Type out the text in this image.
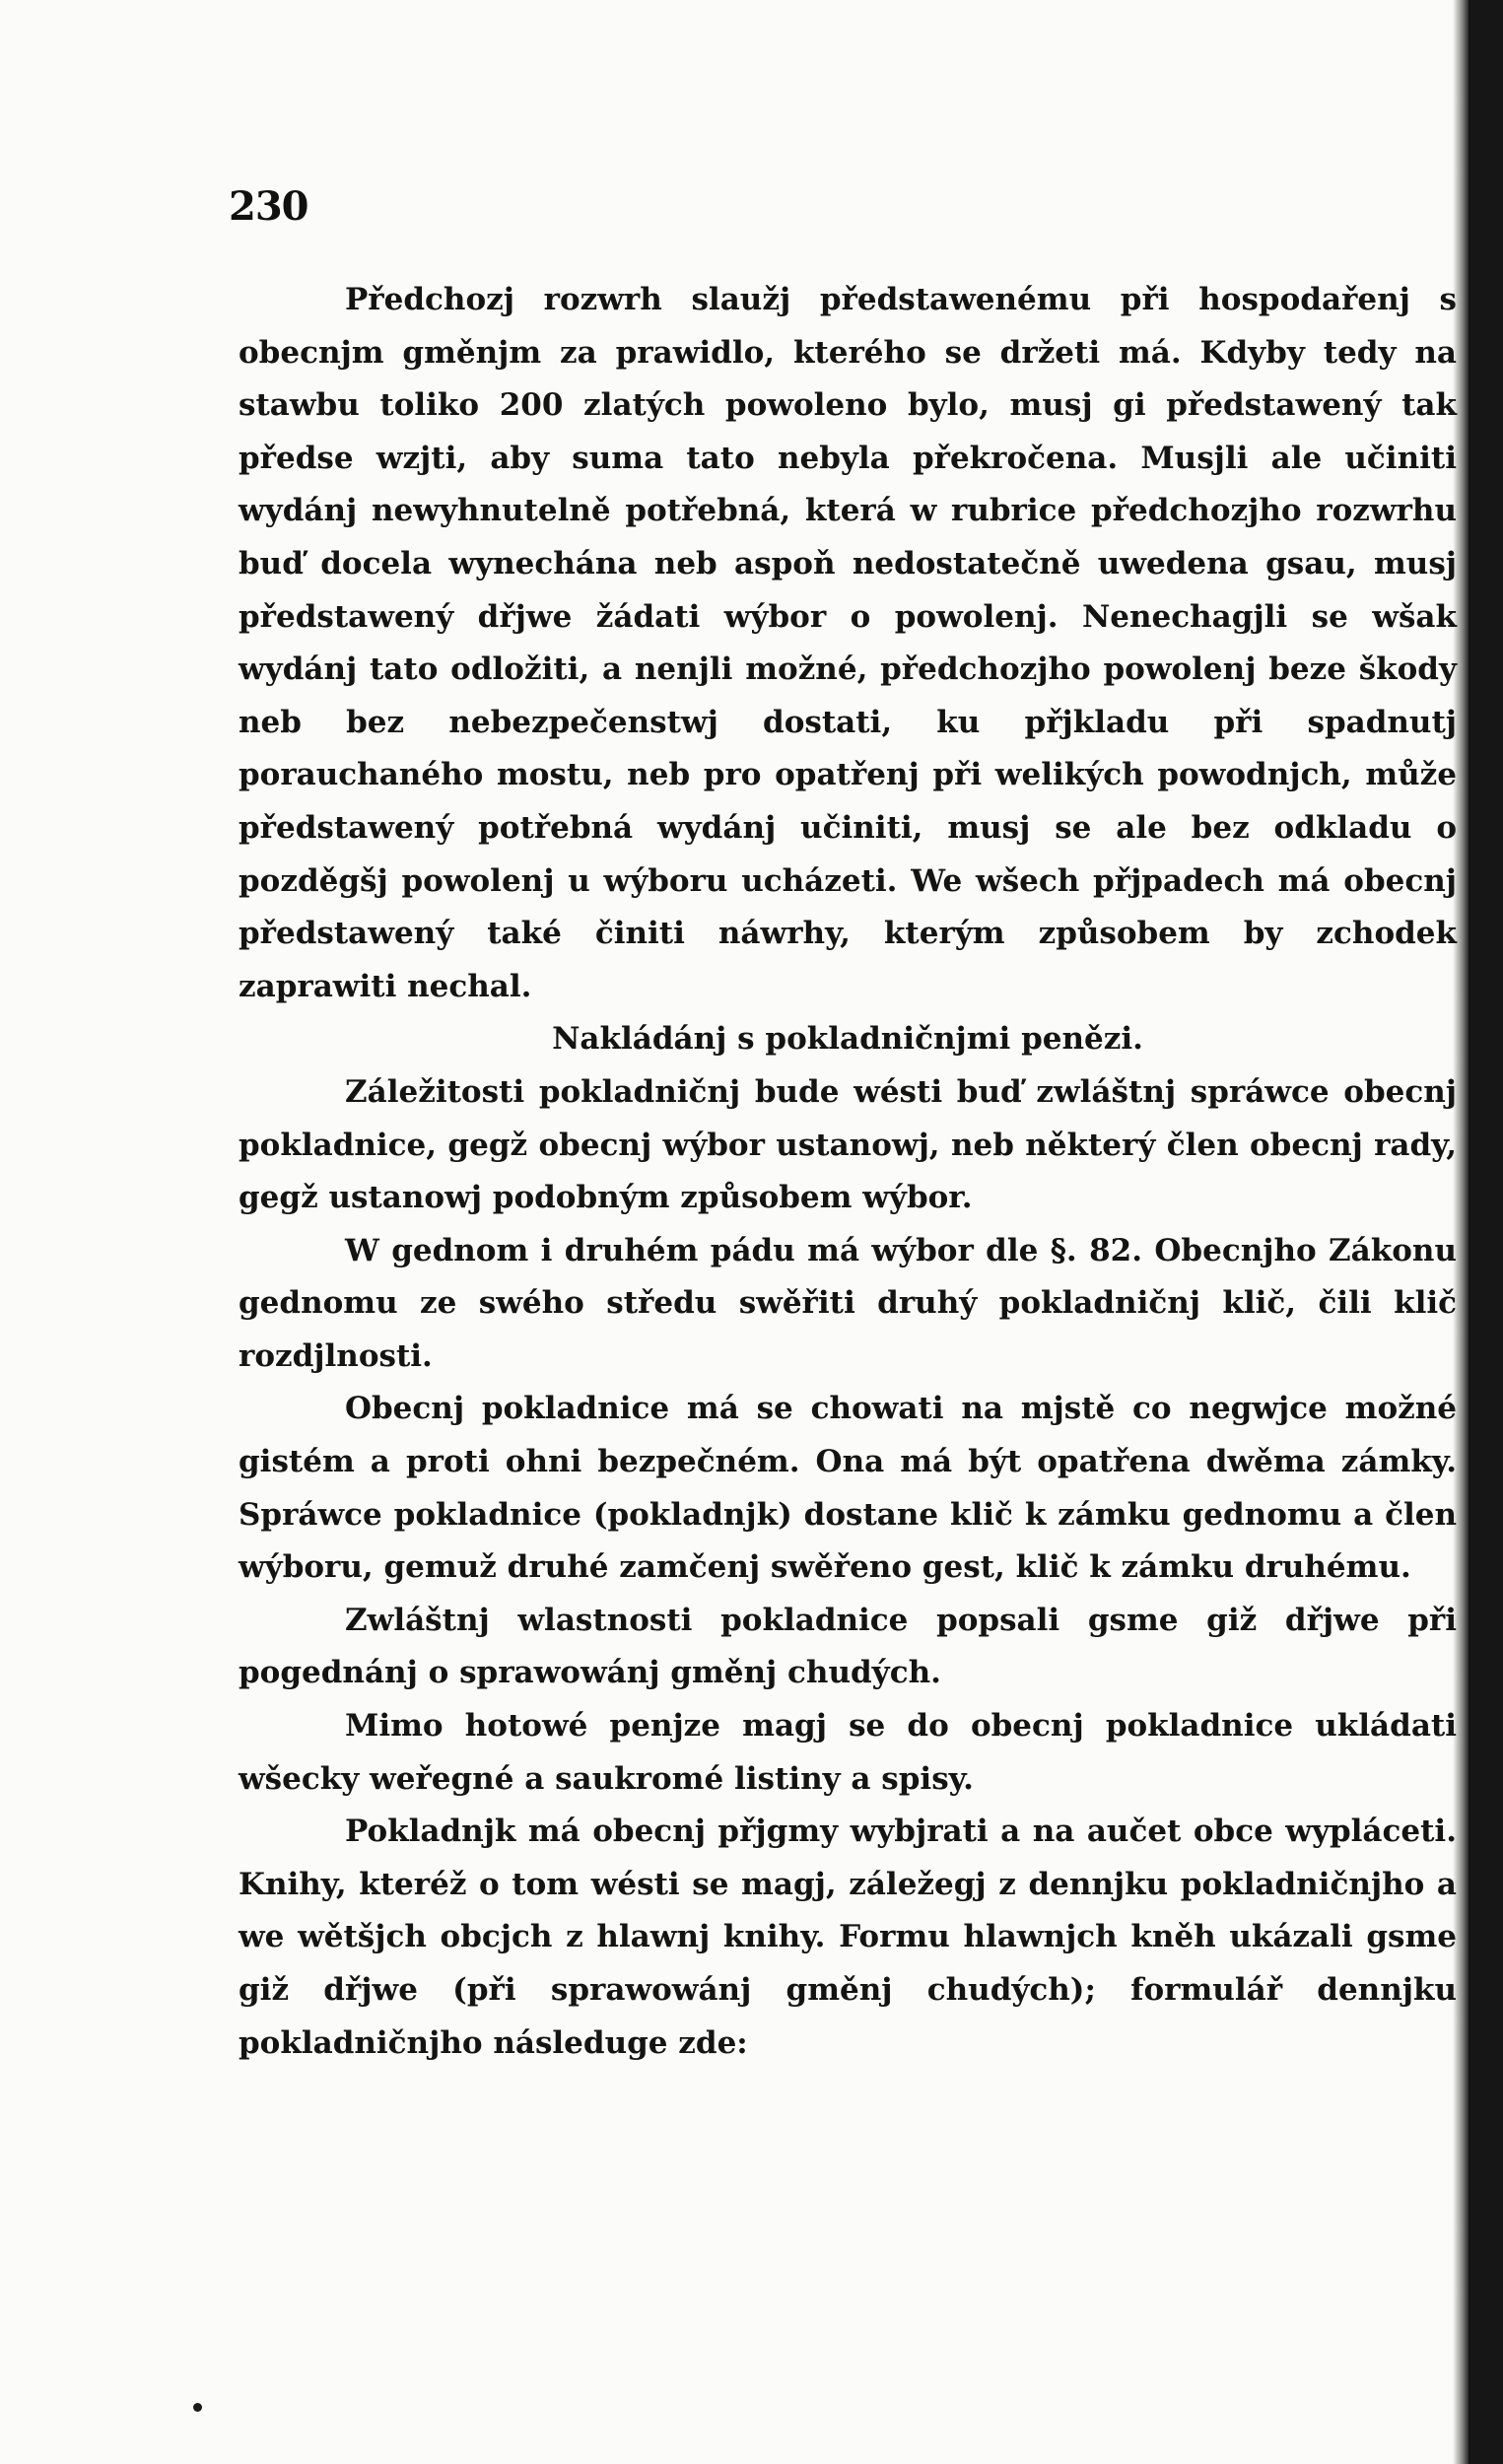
230

Předchozj rozwrh slaužj předstawenému při hospodařenj s obecnjm gměnjm za prawidlo, kterého se držeti má. Kdyby tedy na stawbu toliko 200 zlatých powoleno bylo, musj gi předstawený tak předse wzjti, aby suma tato nebyla překročena. Musjli ale učiniti wydánj newyhnutelně potřebná, která w rubrice předchozjho rozwrhu buď docela wynechána neb aspoň nedostatečně uwedena gsau, musj předstawený dřjwe žádati wýbor o powolenj. Nenechagjli se wšak wydánj tato odložiti, a nenjli možné, předchozjho powolenj beze škody neb bez nebezpečenstwj dostati, ku přjkladu při spadnutj porauchaného mostu, neb pro opatřenj při welikých powodnjch, může předstawený potřebná wydánj učiniti, musj se ale bez odkladu o pozděgšj powolenj u wýboru ucházeti. We wšech přjpadech má obecnj předstawený také činiti náwrhy, kterým způsobem by zchodek zaprawiti nechal.

Nakládánj s pokladničnjmi penězi.

Záležitosti pokladničnj bude wésti buď zwláštnj spráwce obecnj pokladnice, gegž obecnj wýbor ustanowj, neb některý člen obecnj rady, gegž ustanowj podobným způsobem wýbor.

W gednom i druhém pádu má wýbor dle §. 82. Obecnjho Zákonu gednomu ze swého středu swěřiti druhý pokladničnj klič, čili klič rozdjlnosti.

Obecnj pokladnice má se chowati na mjstě co negwjce možné gistém a proti ohni bezpečném. Ona má být opatřena dwěma zámky. Spráwce pokladnice (pokladnjk) dostane klič k zámku gednomu a člen wýboru, gemuž druhé zamčenj swěřeno gest, klič k zámku druhému.

Zwláštnj wlastnosti pokladnice popsali gsme giž dřjwe při pogednánj o sprawowánj gměnj chudých.

Mimo hotowé penjze magj se do obecnj pokladnice ukládati wšecky weřegné a saukromé listiny a spisy.

Pokladnjk má obecnj přjgmy wybjrati a na aučet obce wypláceti. Knihy, kteréž o tom wésti se magj, záležegj z dennjku pokladničnjho a we wětšjch obcjch z hlawnj knihy. Formu hlawnjch kněh ukázali gsme giž dřjwe (při sprawowánj gměnj chudých); formulář dennjku pokladničnjho následuge zde:
